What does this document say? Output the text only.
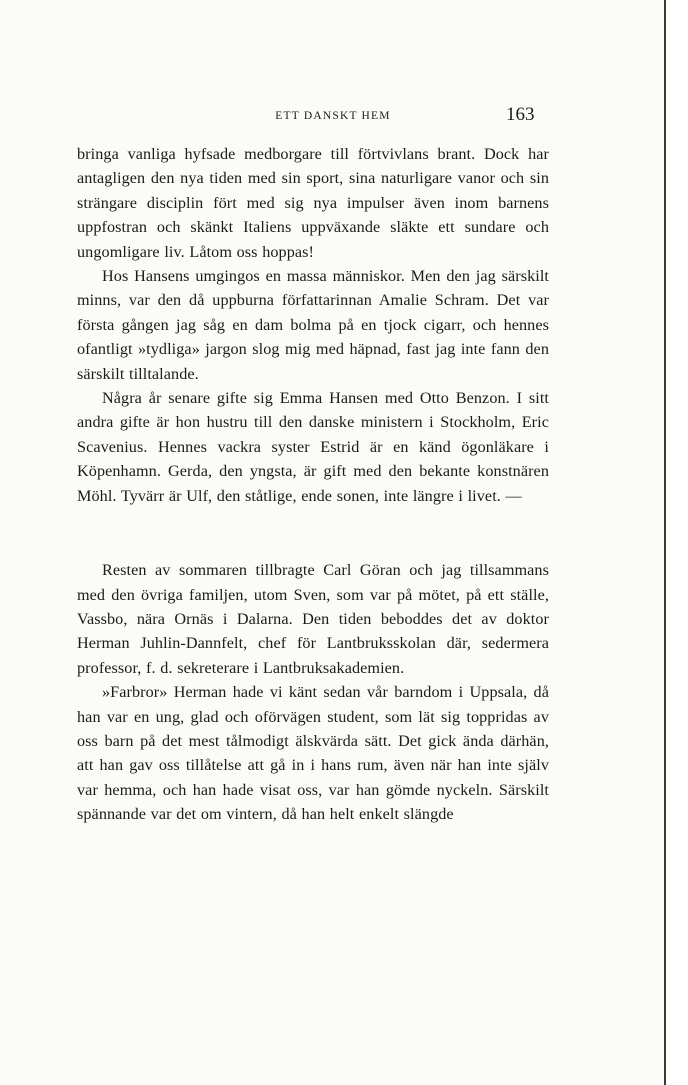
ETT DANSKT HEM	163

bringa vanliga hyfsade medborgare till förtvivlans brant. Dock har antagligen den nya tiden med sin sport, sina naturligare vanor och sin strängare disciplin fört med sig nya impulser även inom barnens uppfostran och skänkt Italiens uppväxande släkte ett sundare och ungomligare liv. Låtom oss hoppas!

Hos Hansens umgingos en massa människor. Men den jag särskilt minns, var den då uppburna författarinnan Amalie Schram. Det var första gången jag såg en dam bolma på en tjock cigarr, och hennes ofantligt »tydliga» jargon slog mig med häpnad, fast jag inte fann den särskilt tilltalande.

Några år senare gifte sig Emma Hansen med Otto Benzon. I sitt andra gifte är hon hustru till den danske ministern i Stockholm, Eric Scavenius. Hennes vackra syster Estrid är en känd ögonläkare i Köpenhamn. Gerda, den yngsta, är gift med den bekante konstnären Möhl. Tyvärr är Ulf, den ståtlige, ende sonen, inte längre i livet. —

Resten av sommaren tillbragte Carl Göran och jag tillsammans med den övriga familjen, utom Sven, som var på mötet, på ett ställe, Vassbo, nära Ornäs i Dalarna. Den tiden beboddes det av doktor Herman Juhlin-Dannfelt, chef för Lantbruksskolan där, sedermera professor, f. d. sekreterare i Lantbruksakademien.

»Farbror» Herman hade vi känt sedan vår barndom i Uppsala, då han var en ung, glad och oförvägen student, som lät sig toppridas av oss barn på det mest tålmodigt älskvärda sätt. Det gick ända därhän, att han gav oss tillåtelse att gå in i hans rum, även när han inte själv var hemma, och han hade visat oss, var han gömde nyckeln. Särskilt spännande var det om vintern, då han helt enkelt slängde
